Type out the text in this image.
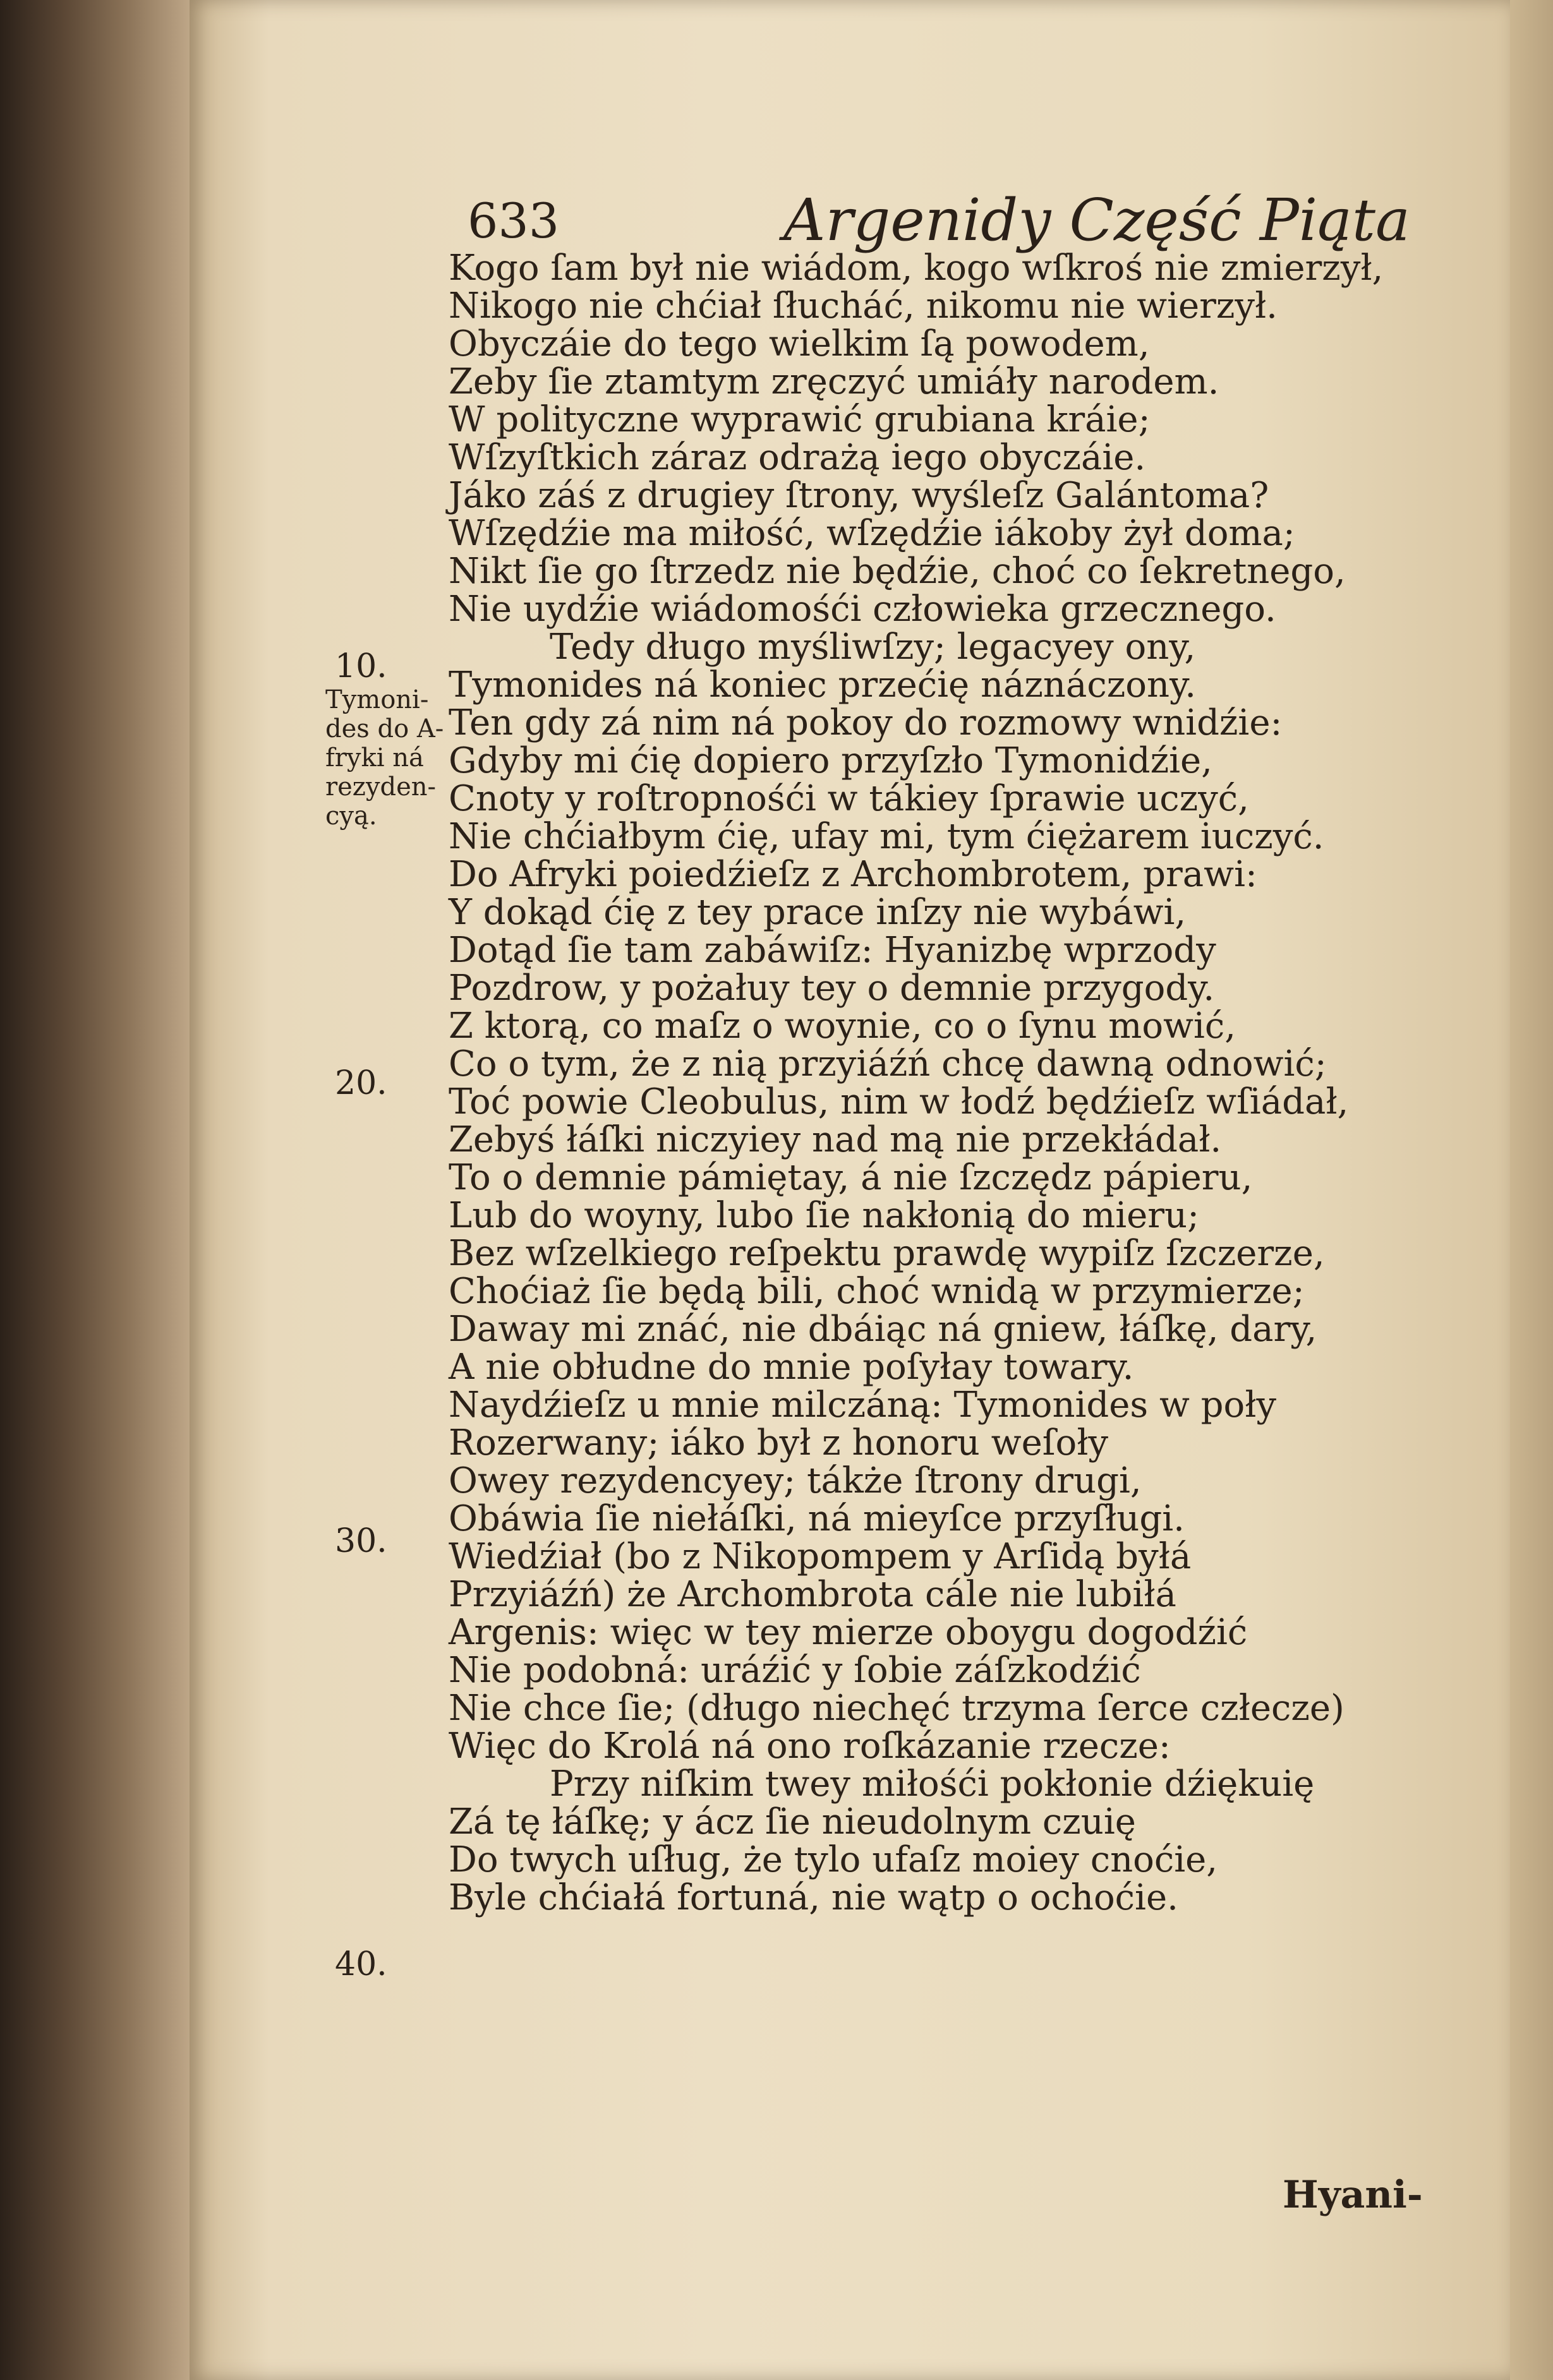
633	Argenidy Część Piąta
Tymoni-
des do A-
fryki ná
rezyden-
cyą.
10.
20.
30.
40.
Kogo ſam był nie wiádom, kogo wſkroś nie zmierzył,
Nikogo nie chćiał ſłucháć, nikomu nie wierzył.
Obyczáie do tego wielkim ſą powodem,
Zeby ſie ztamtym zręczyć umiáły narodem.
W polityczne wyprawić grubiana kráie;
Wſzyſtkich záraz odrażą iego obyczáie.
Jáko záś z drugiey ſtrony, wyśleſz Galántoma?
Wſzędźie ma miłość, wſzędźie iákoby żył doma;
Nikt ſie go ſtrzedz nie będźie, choć co ſekretnego,
Nie uydźie wiádomośći człowieka grzecznego.
Tedy długo myśliwſzy; legacyey ony,
Tymonides ná koniec przećię náznáczony.
Ten gdy zá nim ná pokoy do rozmowy wnidźie:
Gdyby mi ćię dopiero przyſzło Tymonidźie,
Cnoty y roſtropnośći w tákiey ſprawie uczyć,
Nie chćiałbym ćię, ufay mi, tym ćiężarem iuczyć.
Do Afryki poiedźieſz z Archombrotem, prawi:
Y dokąd ćię z tey prace inſzy nie wybáwi,
Dotąd ſie tam zabáwiſz: Hyanizbę wprzody
Pozdrow, y pożałuy tey o demnie przygody.
Z ktorą, co maſz o woynie, co o ſynu mowić,
Co o tym, że z nią przyiáźń chcę dawną odnowić;
Toć powie Cleobulus, nim w łodź będźieſz wſiádał,
Zebyś łáſki niczyiey nad mą nie przekłádał.
To o demnie pámiętay, á nie ſzczędz pápieru,
Lub do woyny, lubo ſie nakłonią do mieru;
Bez wſzelkiego reſpektu prawdę wypiſz ſzczerze,
Choćiaż ſie będą bili, choć wnidą w przymierze;
Daway mi znáć, nie dbáiąc ná gniew, łáſkę, dary,
A nie obłudne do mnie poſyłay towary.
Naydźieſz u mnie milczáną: Tymonides w poły
Rozerwany; iáko był z honoru weſoły
Owey rezydencyey; tákże ſtrony drugi,
Obáwia ſie niełáſki, ná mieyſce przyſługi.
Wiedźiał (bo z Nikopompem y Arſidą byłá
Przyiáźń) że Archombrota cále nie lubiłá
Argenis: więc w tey mierze oboygu dogodźić
Nie podobná: uráźić y ſobie záſzkodźić
Nie chce ſie; (długo niechęć trzyma ſerce człecze)
Więc do Krolá ná ono roſkázanie rzecze:
Przy niſkim twey miłośći pokłonie dźiękuię
Zá tę łáſkę; y ácz ſie nieudolnym czuię
Do twych uſług, że tylo ufaſz moiey cnoćie,
Byle chćiałá fortuná, nie wątp o ochoćie.
Hyani-
